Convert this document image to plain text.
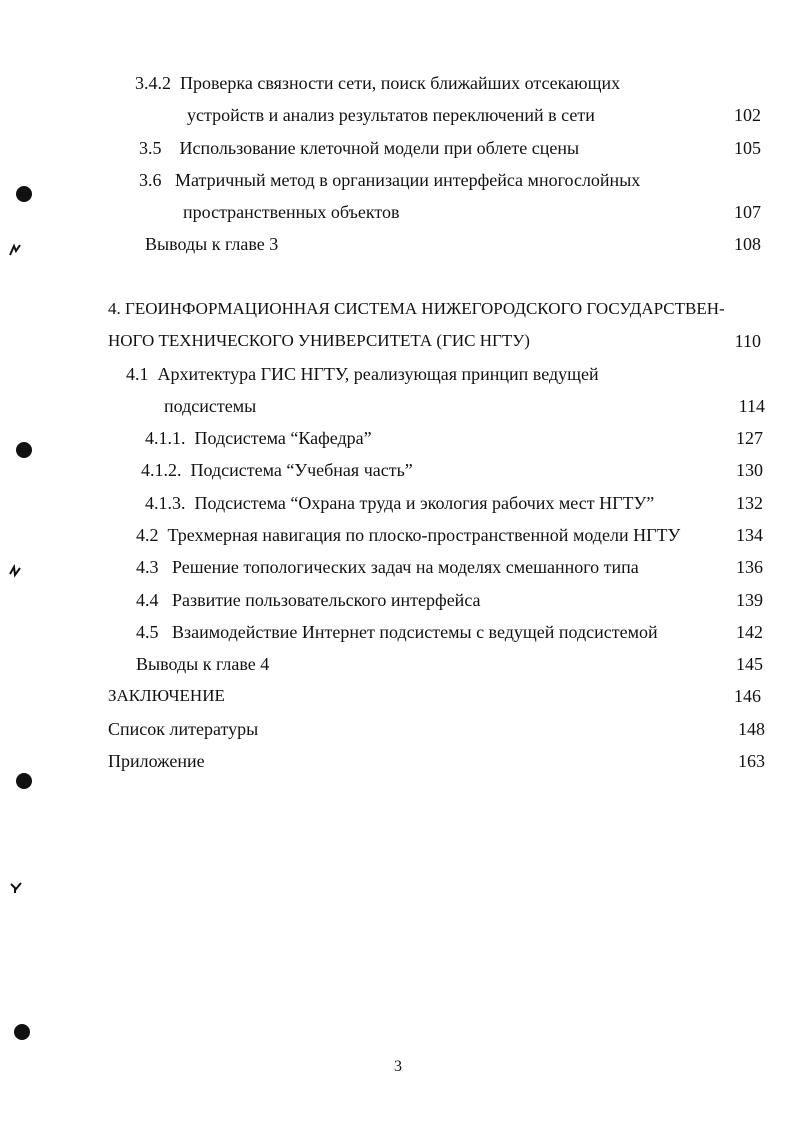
3.4.2 Проверка связности сети, поиск ближайших отсекающих
устройств и анализ результатов переключений в сети	102
3.5 Использование клеточной модели при облете сцены	105
3.6 Матричный метод в организации интерфейса многослойных
пространственных объектов	107
Выводы к главе 3	108
4. ГЕОИНФОРМАЦИОННАЯ СИСТЕМА НИЖЕГОРОДСКОГО ГОСУДАРСТВЕН-
НОГО ТЕХНИЧЕСКОГО УНИВЕРСИТЕТА (ГИС НГТУ)	110
4.1 Архитектура ГИС НГТУ, реализующая принцип ведущей
подсистемы	114
4.1.1. Подсистема “Кафедра”	127
4.1.2. Подсистема “Учебная часть”	130
4.1.3. Подсистема “Охрана труда и экология рабочих мест НГТУ”	132
4.2 Трехмерная навигация по плоско-пространственной модели НГТУ	134
4.3 Решение топологических задач на моделях смешанного типа	136
4.4 Развитие пользовательского интерфейса	139
4.5 Взаимодействие Интернет подсистемы с ведущей подсистемой	142
Выводы к главе 4	145
ЗАКЛЮЧЕНИЕ	146
Список литературы	148
Приложение	163
3
